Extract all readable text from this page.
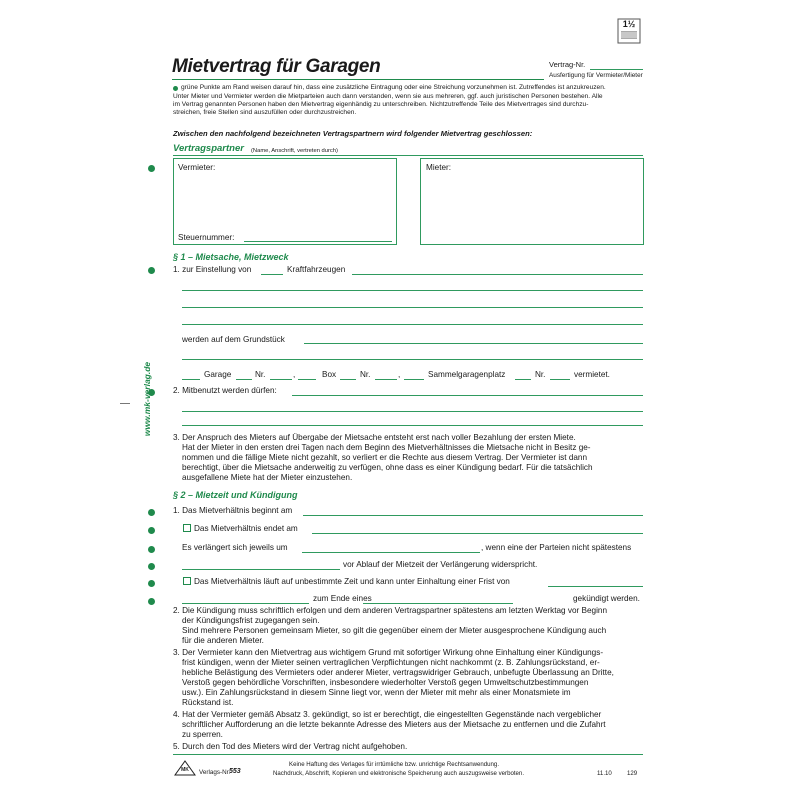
1½
Mietvertrag für Garagen	Vertrag-Nr.
Ausfertigung für Vermieter/Mieter
grüne Punkte am Rand weisen darauf hin, dass eine zusätzliche Eintragung oder eine Streichung vorzunehmen ist. Zutreffendes ist anzukreuzen.
Unter Mieter und Vermieter werden die Mietparteien auch dann verstanden, wenn sie aus mehreren, ggf. auch juristischen Personen bestehen. Alle
im Vertrag genannten Personen haben den Mietvertrag eigenhändig zu unterschreiben. Nichtzutreffende Teile des Mietvertrages sind durchzu-
streichen, freie Stellen sind auszufüllen oder durchzustreichen.
Zwischen den nachfolgend bezeichneten Vertragspartnern wird folgender Mietvertrag geschlossen:
Vertragspartner (Name, Anschrift, vertreten durch)
Vermieter:
Steuernummer:
Mieter:
§ 1 – Mietsache, Mietzweck
1. zur Einstellung von	Kraftfahrzeugen
werden auf dem Grundstück
Garage	Nr.	,	Box	Nr.	,	Sammelgaragenplatz	Nr.	vermietet.
2. Mitbenutzt werden dürfen:
3. Der Anspruch des Mieters auf Übergabe der Mietsache entsteht erst nach voller Bezahlung der ersten Miete.
Hat der Mieter in den ersten drei Tagen nach dem Beginn des Mietverhältnisses die Mietsache nicht in Besitz ge-
nommen und die fällige Miete nicht gezahlt, so verliert er die Rechte aus diesem Vertrag. Der Vermieter ist dann
berechtigt, über die Mietsache anderweitig zu verfügen, ohne dass es einer Kündigung bedarf. Für die tatsächlich
ausgefallene Miete hat der Mieter einzustehen.
§ 2 – Mietzeit und Kündigung
1. Das Mietverhältnis beginnt am
Das Mietverhältnis endet am
Es verlängert sich jeweils um	, wenn eine der Parteien nicht spätestens
vor Ablauf der Mietzeit der Verlängerung widerspricht.
Das Mietverhältnis läuft auf unbestimmte Zeit und kann unter Einhaltung einer Frist von
zum Ende eines	gekündigt werden.
2. Die Kündigung muss schriftlich erfolgen und dem anderen Vertragspartner spätestens am letzten Werktag vor Beginn
der Kündigungsfrist zugegangen sein.
Sind mehrere Personen gemeinsam Mieter, so gilt die gegenüber einem der Mieter ausgesprochene Kündigung auch
für die anderen Mieter.
3. Der Vermieter kann den Mietvertrag aus wichtigem Grund mit sofortiger Wirkung ohne Einhaltung einer Kündigungs-
frist kündigen, wenn der Mieter seinen vertraglichen Verpflichtungen nicht nachkommt (z. B. Zahlungsrückstand, er-
hebliche Belästigung des Vermieters oder anderer Mieter, vertragswidriger Gebrauch, unbefugte Überlassung an Dritte,
Verstoß gegen behördliche Vorschriften, insbesondere wiederholter Verstoß gegen Umweltschutzbestimmungen
usw.). Ein Zahlungsrückstand in diesem Sinne liegt vor, wenn der Mieter mit mehr als einer Monatsmiete im
Rückstand ist.
4. Hat der Vermieter gemäß Absatz 3. gekündigt, so ist er berechtigt, die eingestellten Gegenstände nach vergeblicher
schriftlicher Aufforderung an die letzte bekannte Adresse des Mieters aus der Mietsache zu entfernen und die Zufahrt
zu sperren.
5. Durch den Tod des Mieters wird der Vertrag nicht aufgehoben.
www.mk-verlag.de
MK	Verlags-Nr.
553
Keine Haftung des Verlages für irrtümliche bzw. unrichtige Rechtsanwendung.
Nachdruck, Abschrift, Kopieren und elektronische Speicherung auch auszugsweise verboten.	11.10 129
